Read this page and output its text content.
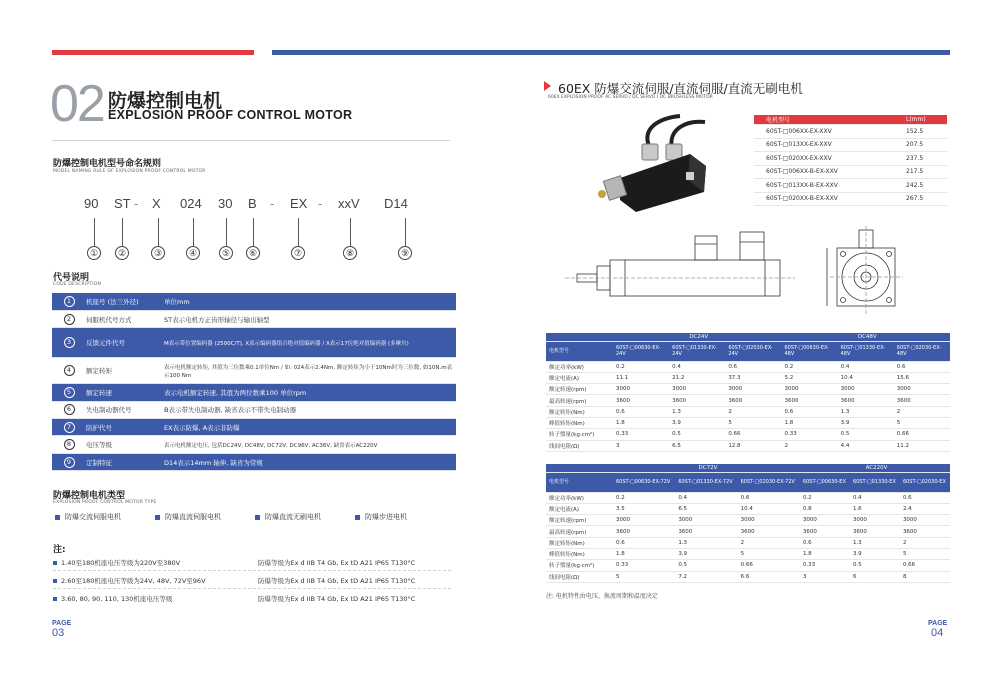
02 防爆控制电机
EXPLOSION PROOF CONTROL MOTOR
防爆控制电机型号命名规则
MODEL NAMING RULE OF EXPLOSION PROOF CONTROL MOTOR
90 ST - X 024 30 B - EX - xxV D14
①	②	③	④	⑤	⑥	⑦	⑧	⑨
代号说明
CODE DESCRIPTION
1	机座号 (法兰外径)	单位mm
2	伺服机代号方式	ST表示电机方正齿形轴径与输出轴型
3	反馈元件代号	M表示带位置编码器 (2500C/T), X表示编码器组合绝对值编码器 / X表示17位绝对值编码器 (多摩川)
4	额定转矩	表示电机额定转矩, 其值为三位数乘0.1单位Nm / 如: 024表示2.4Nm, 额定转矩为小于10Nm时为三位数, 如10N.m表示100 Nm
5	额定转速	表示电机额定转速, 其值为两位数乘100 单位rpm
6	失电制动器代号	B表示带失电制动器, 缺省表示不带失电制动器
7	防护代号	EX表示防爆, A表示非防爆
8	电压等级	表示电机额定电压, 包括DC24V, DC48V, DC72V, DC96V, AC36V, 缺省表示AC220V
9	定制特征	D14表示14mm 轴伸, 缺省为常规
防爆控制电机类型
EXPLOSION PROOF CONTROL MOTOR TYPE
防爆交流伺服电机	防爆直流伺服电机	防爆直流无刷电机	防爆步进电机
注:
1.40至180机座电压等级为220V至380V	防爆等级为Ex d IIB T4 Gb, Ex tD A21 IP65 T130°C
2.60至180机座电压等级为24V, 48V, 72V至96V	防爆等级为Ex d IIB T4 Gb, Ex tD A21 IP65 T130°C
3.60, 80, 90, 110, 130机座电压等级	防爆等级为Ex d IIB T4 Gb, Ex tD A21 IP65 T130°C
PAGE
03
60EX 防爆交流伺服/直流伺服/直流无刷电机
60EX EXPLOSION PROOF AC SERVO / DC SERVO / DC BRUSHLESS MOTOR
电机型号	L(mm)
60ST-□006XX-EX-XXV	152.5
60ST-□013XX-EX-XXV	207.5
60ST-□020XX-EX-XXV	237.5
60ST-□006XX-B-EX-XXV	217.5
60ST-□013XX-B-EX-XXV	242.5
60ST-□020XX-B-EX-XXV	267.5
	DC24V			DC48V		
电机型号	60ST-□00630-EX-24V	60ST-□01330-EX-24V	60ST-□02030-EX-24V	60ST-□00630-EX-48V	60ST-□01330-EX-48V	60ST-□02030-EX-48V
额定功率(kW)	0.2	0.4	0.6	0.2	0.4	0.6
额定电流(A)	11.1	21.2	37.3	5.2	10.4	15.6
额定转速(rpm)	3000	3000	3000	3000	3000	3000
最高转速(rpm)	3600	3600	3600	3600	3600	3600
额定转矩(Nm)	0.6	1.3	2	0.6	1.3	2
峰值转矩(Nm)	1.8	3.9	5	1.8	3.9	5
转子惯量(kg·cm²)	0.33	0.5	0.66	0.33	0.5	0.66
线间电阻(Ω)	3	6.5	12.8	2	4.4	11.2
	DC72V			AC220V		
电机型号	60ST-□00630-EX-72V	60ST-□01330-EX-72V	60ST-□02030-EX-72V	60ST-□00630-EX	60ST-□01330-EX	60ST-□02030-EX
额定功率(kW)	0.2	0.4	0.6	0.2	0.4	0.6
额定电流(A)	3.5	6.5	10.4	0.8	1.6	2.4
额定转速(rpm)	3000	3000	3000	3000	3000	3000
最高转速(rpm)	3600	3600	3600	3600	3600	3600
额定转矩(Nm)	0.6	1.3	2	0.6	1.3	2
峰值转矩(Nm)	1.8	3.9	5	1.8	3.9	5
转子惯量(kg·cm²)	0.33	0.5	0.66	0.33	0.5	0.66
线间电阻(Ω)	5	7.2	6.6	3	6	8
注: 电机特性由电压、换流周期和温度决定
PAGE
04
